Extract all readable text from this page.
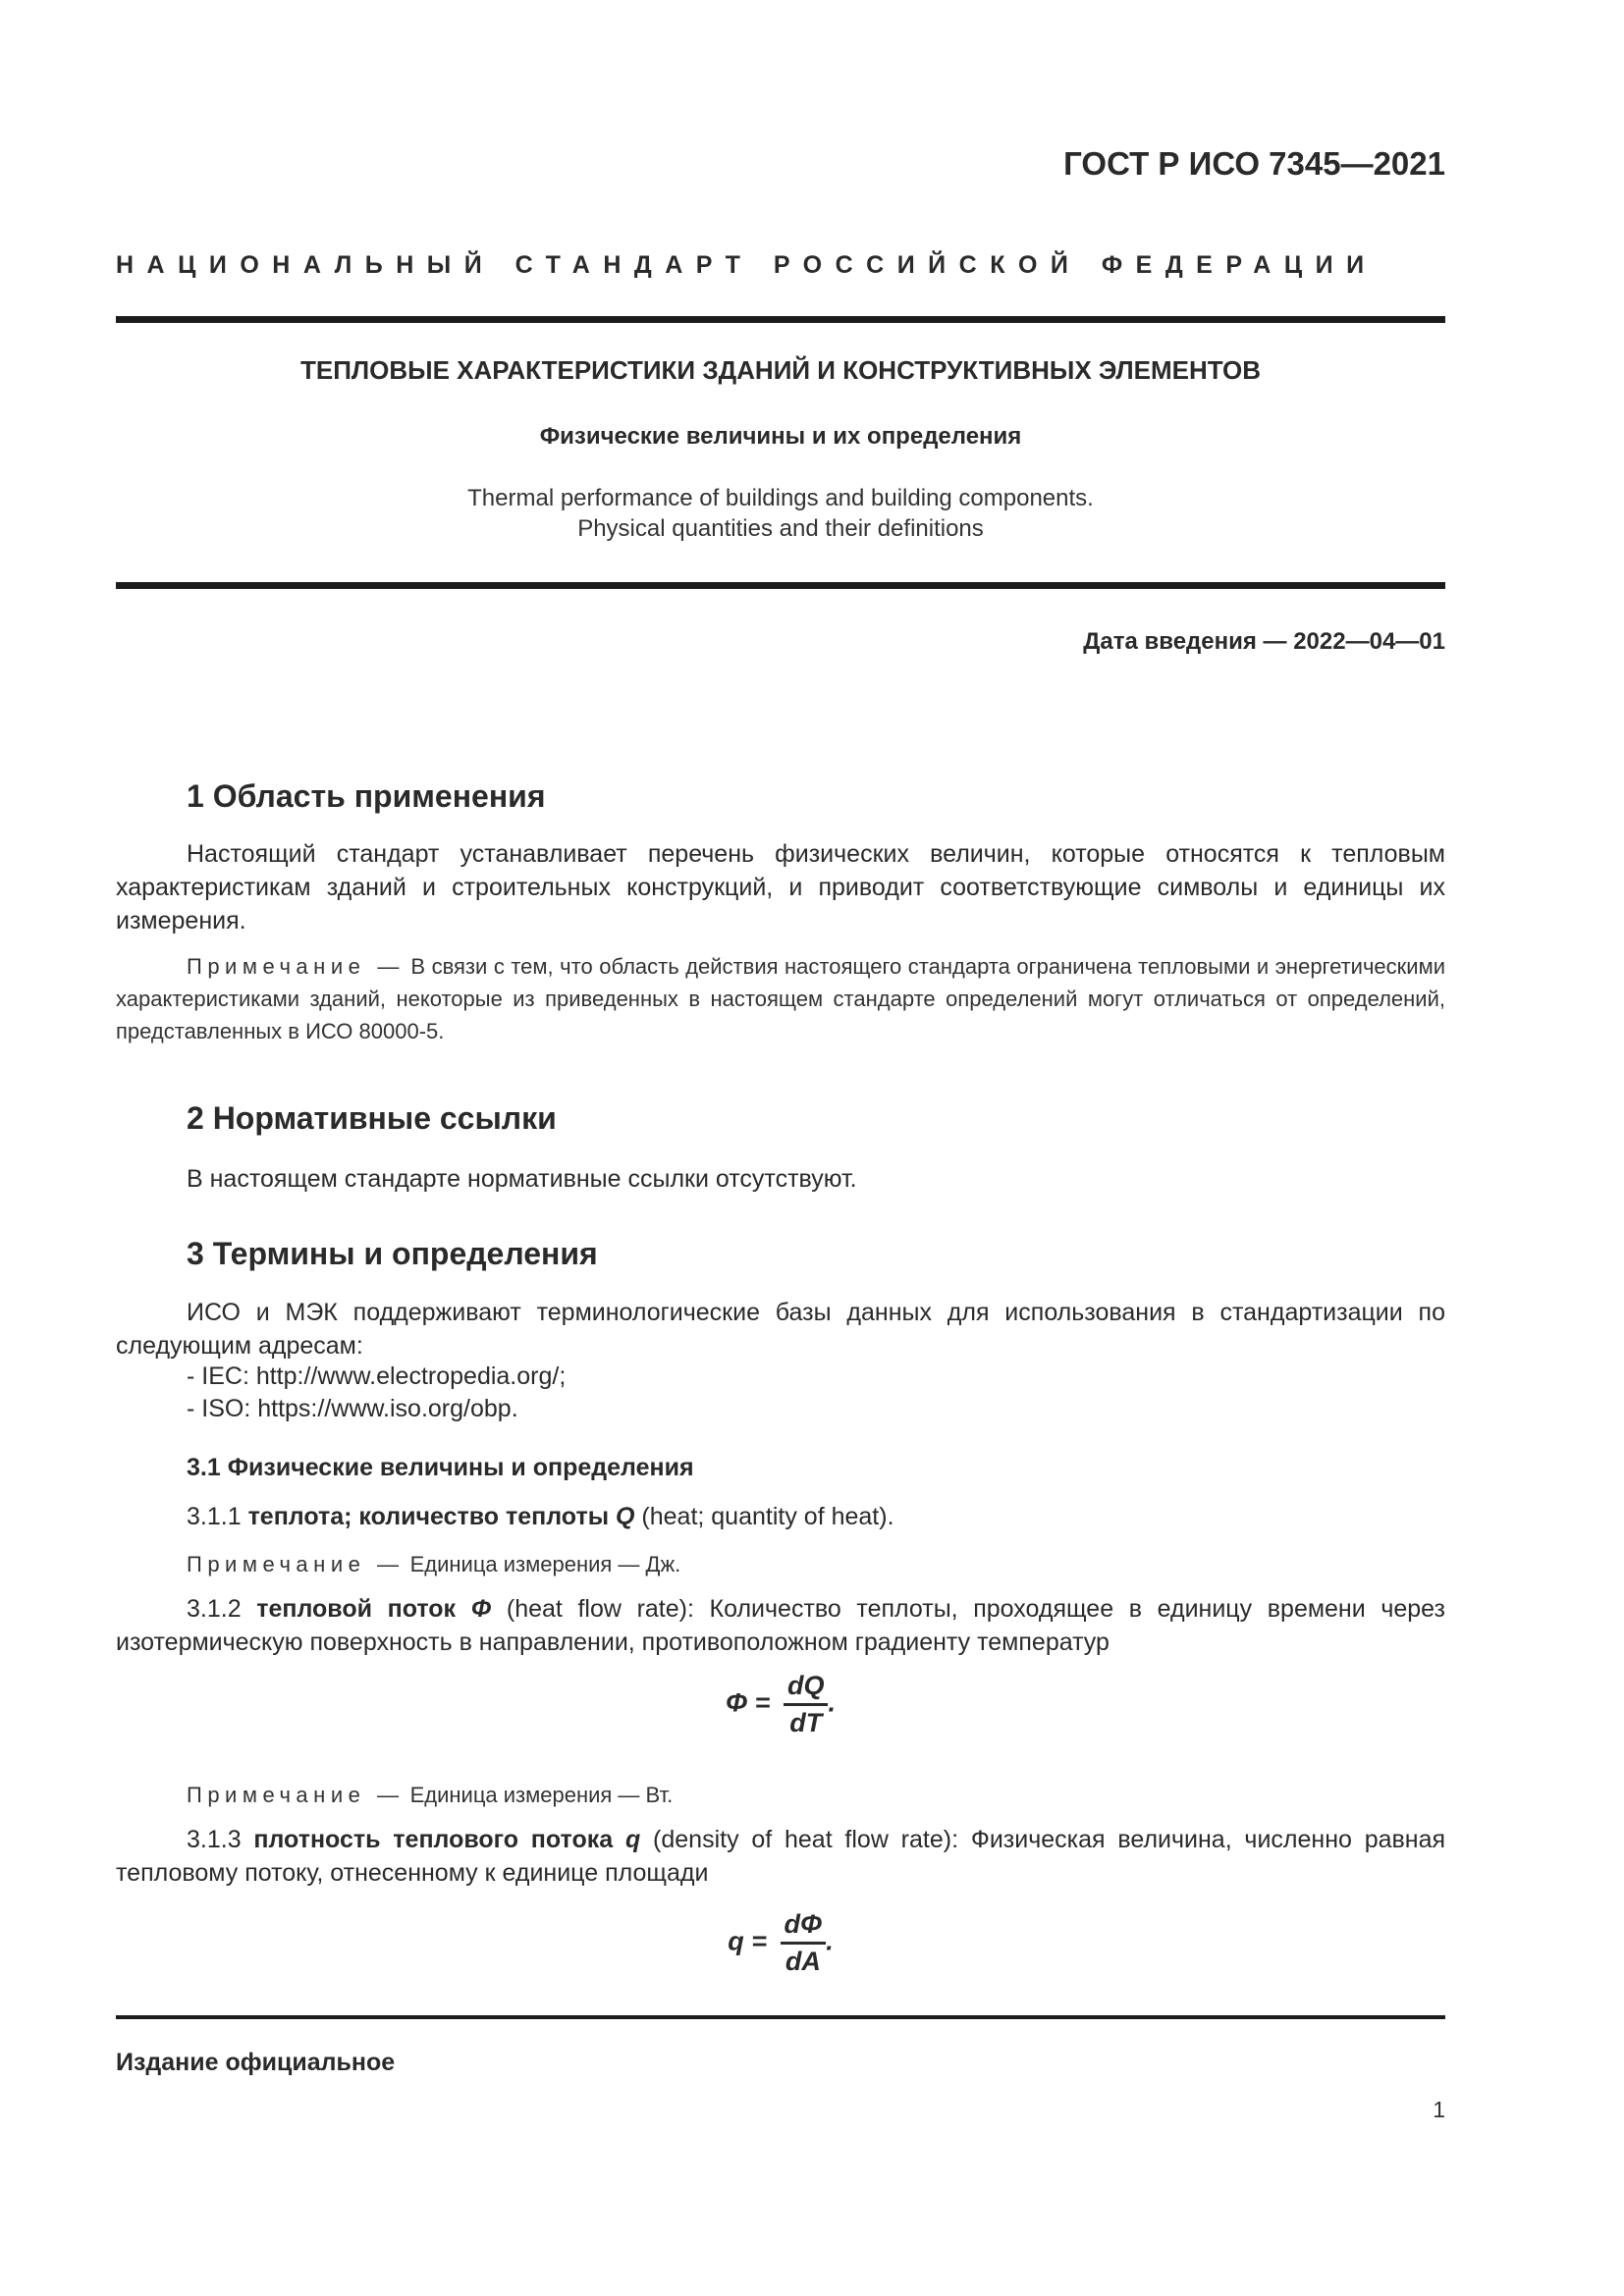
ГОСТ Р ИСО 7345—2021
НАЦИОНАЛЬНЫЙ СТАНДАРТ РОССИЙСКОЙ ФЕДЕРАЦИИ
ТЕПЛОВЫЕ ХАРАКТЕРИСТИКИ ЗДАНИЙ И КОНСТРУКТИВНЫХ ЭЛЕМЕНТОВ
Физические величины и их определения
Thermal performance of buildings and building components.
Physical quantities and their definitions
Дата введения — 2022—04—01
1 Область применения
Настоящий стандарт устанавливает перечень физических величин, которые относятся к тепловым характеристикам зданий и строительных конструкций, и приводит соответствующие символы и единицы их измерения.
Примечание — В связи с тем, что область действия настоящего стандарта ограничена тепловыми и энергетическими характеристиками зданий, некоторые из приведенных в настоящем стандарте определений могут отличаться от определений, представленных в ИСО 80000-5.
2 Нормативные ссылки
В настоящем стандарте нормативные ссылки отсутствуют.
3 Термины и определения
ИСО и МЭК поддерживают терминологические базы данных для использования в стандартизации по следующим адресам:
- IEC: http://www.electropedia.org/;
- ISO: https://www.iso.org/obp.
3.1 Физические величины и определения
3.1.1 теплота; количество теплоты Q (heat; quantity of heat).
Примечание — Единица измерения — Дж.
3.1.2 тепловой поток Φ (heat flow rate): Количество теплоты, проходящее в единицу времени через изотермическую поверхность в направлении, противоположном градиенту температур
$\Phi = \frac{dQ}{dT}$ .
Примечание — Единица измерения — Вт.
3.1.3 плотность теплового потока q (density of heat flow rate): Физическая величина, численно равная тепловому потоку, отнесенному к единице площади
$q = \frac{d\Phi}{dA}$ .
Издание официальное
1
